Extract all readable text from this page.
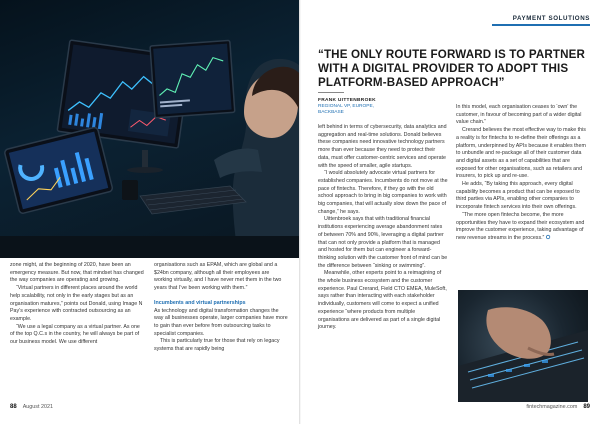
zone might, at the beginning of 2020, have been an emergency measure. But now, that mindset has changed the way companies are operating and growing.

“Virtual partners in different places around the world help scalability, not only in the early stages but as an organisation matures,” points out Donald, using Image N Pay’s experience with contracted outsourcing as an example.

“We use a legal company as a virtual partner. As one of the top Q.C.s in the country, he will always be part of our business model. We use different

organisations such as EPAM, which are global and a $24bn company, although all their employees are working virtually, and I have never met them in the two years that I’ve been working with them.”

Incumbents and virtual partnerships

As technology and digital transformation changes the way all businesses operate, larger companies have more to gain than ever before from outsourcing tasks to specialist companies.

This is particularly true for those that rely on legacy systems that are rapidly being

88 August 2021
PAYMENT SOLUTIONS
“THE ONLY ROUTE FORWARD IS TO PARTNER WITH A DIGITAL PROVIDER TO ADOPT THIS PLATFORM-BASED APPROACH”
FRANK UITTENBROEK
REGIONAL VP, EUROPE,
BACKBASE

left behind in terms of cybersecurity, data analytics and aggregation and real-time solutions. Donald believes these companies need innovative technology partners more than ever because they need to protect their data, must offer customer-centric services and operate with the speed of smaller, agile startups.

“I would absolutely advocate virtual partners for established companies. Incumbents do not move at the pace of fintechs. Therefore, if they go with the old school approach to bring in big companies to work with big companies, that will actually slow down the pace of change,” he says.

Uittenbroek says that with traditional financial institutions experiencing average abandonment rates of between 70% and 90%, leveraging a digital partner that can not only provide a platform that is managed and hosted for them but can engineer a forward-thinking solution with the customer front of mind can be the difference between “sinking or swimming”.

Meanwhile, other experts point to a reimagining of the whole business ecosystem and the customer experience. Paul Crerand, Field CTO EMEA, MuleSoft, says rather than interacting with each stakeholder individually, customers will come to expect a unified experience “where products from multiple organisations are delivered as part of a single digital journey.

In this model, each organisation ceases to ‘own’ the customer, in favour of becoming part of a wider digital value chain.”

Crerand believes the most effective way to make this a reality is for fintechs to re-define their offerings as a platform, underpinned by APIs because it enables them to unbundle and re-package all of their customer data and digital assets as a set of capabilities that are exposed for other organisations, such as retailers and insurers, to pick up and re-use.

He adds, “By taking this approach, every digital capability becomes a product that can be exposed to third parties via APIs, enabling other companies to incorporate fintech services into their own offerings.

“The more open fintechs become, the more opportunities they have to expand their ecosystem and improve the customer experience, taking advantage of new revenue streams in the process.” ⭘

fintechmagazine.com 89
